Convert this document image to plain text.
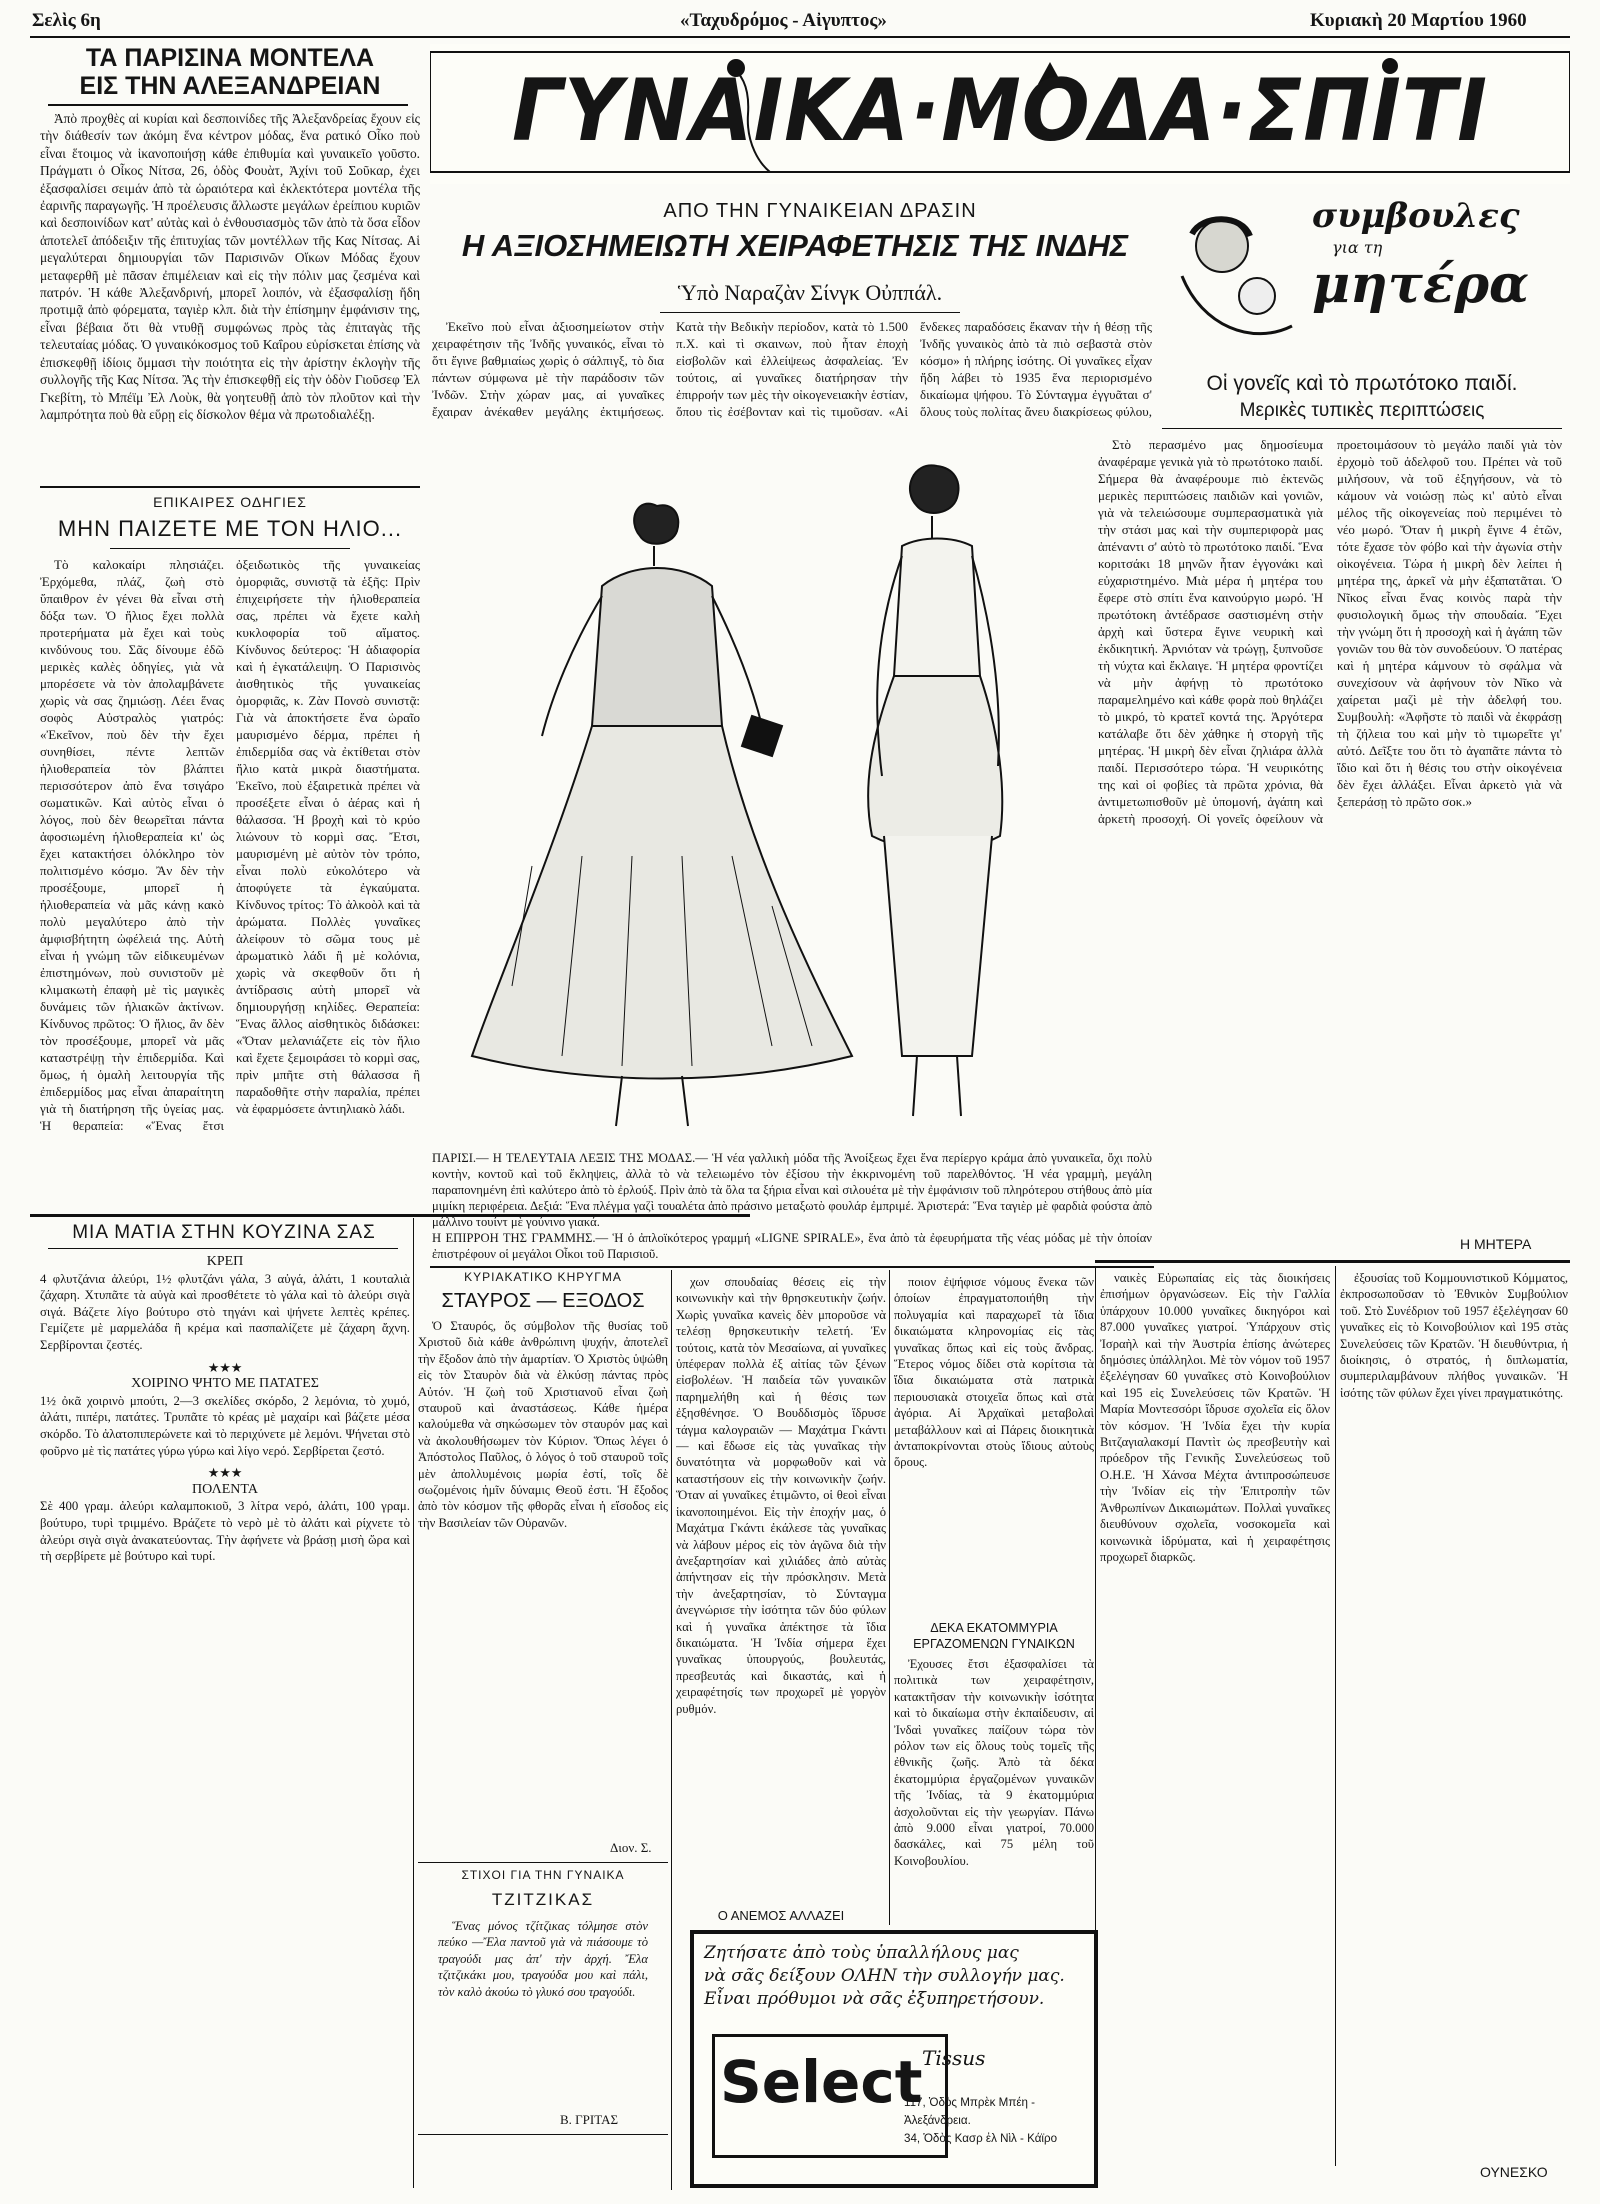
Σελὶς 6η	«Ταχυδρόμος - Αἰγυπτος»	Κυριακὴ 20 Μαρτίου 1960
ΤΑ ΠΑΡΙΣΙΝΑ ΜΟΝΤΕΛΑ
ΕΙΣ ΤΗΝ ΑΛΕΞΑΝΔΡΕΙΑΝ

Ἀπὸ προχθὲς αἱ κυρίαι καὶ δεσποινίδες τῆς Ἀλεξανδρείας ἔχουν εἰς τὴν διάθεσίν των ἀκόμη ἕνα κέντρον μόδας, ἕνα ρατικό Οἶκο ποὺ εἶναι ἕτοιμος νὰ ἱκανοποιήσῃ κάθε ἐπιθυμία καὶ γυναικεῖο γοῦστο. Πράγματι ὁ Οἶκος Νίτσα, 26, ὁδὸς Φουὰτ, Ἀχίνι τοῦ Σοῦκαρ, ἐχει ἐξασφαλίσει σειμάν ἀπὸ τὰ ὡραιότερα καὶ ἐκλεκτότερα μοντέλα τῆς ἐαρινῆς παραγωγῆς. Ἡ προέλευσις ἄλλωστε μεγάλων ἐρείπιου κυριῶν καὶ δεσποινίδων κατ' αὐτὰς καὶ ὁ ἐνθουσιασμὸς τῶν ἀπὸ τὰ ὅσα εἶδον ἀποτελεῖ ἀπόδειξιν τῆς ἐπιτυχίας τῶν μοντέλλων τῆς Κας Νίτσας. Αἱ μεγαλύτεραι δημιουργίαι τῶν Παρισινῶν Οἴκων Μόδας ἔχουν μεταφερθῆ μὲ πᾶσαν ἐπιμέλειαν καὶ εἰς τὴν πόλιν μας ζεσμένα καὶ πατρόν. Ἡ κάθε Ἀλεξανδρινή, μπορεῖ λοιπόν, νὰ ἐξασφαλίσῃ ἤδη προτιμᾷ ἀπὸ φόρεματα, ταγιὲρ κλπ. διὰ τὴν ἐπίσημην ἐμφάνισιν της, εἶναι βέβαια ὅτι θὰ ντυθῇ συμφώνως πρὸς τὰς ἐπιταγὰς τῆς τελευταίας μόδας. Ὁ γυναικόκοσμος τοῦ Καΐρου εὑρίσκεται ἐπίσης νὰ ἐπισκεφθῇ ἰδίοις ὄμμασι τὴν ποιότητα εἰς τὴν ἀρίστην ἐκλογὴν τῆς συλλογῆς τῆς Κας Νίτσα. Ἂς τὴν ἐπισκεφθῇ εἰς τὴν ὁδὸν Γιοῦσεφ Ἐλ Γκεβίτη, τὸ Μπέϊμ Ἐλ Λοὺκ, θὰ γοητευθῇ ἀπὸ τὸν πλοῦτον καὶ τὴν λαμπρότητα ποὺ θὰ εὕρῃ εἰς δίσκολον θέμα νὰ πρωτοδιαλέξῃ.

ΕΠΙΚΑΙΡΕΣ ΟΔΗΓΙΕΣ
ΜΗΝ ΠΑΙΖΕΤΕ ΜΕ ΤΟΝ ΗΛΙΟ...

Τὸ καλοκαίρι πλησιάζει. Ἐρχόμεθα, πλάζ, ζωὴ στὸ ὕπαιθρον ἐν γένει θὰ εἶναι στὴ δόξα των. Ὁ ἥλιος ἔχει πολλὰ προτερήματα μὰ ἔχει καὶ τοὺς κινδύνους του. Σᾶς δίνουμε ἐδῶ μερικὲς καλὲς ὁδηγίες, γιὰ νὰ μπορέσετε νὰ τὸν ἀπολαμβάνετε χωρὶς νὰ σας ζημιώσῃ. Λέει ἕνας σοφὸς Αὐστραλὸς γιατρός: «Ἐκεῖνον, ποὺ δὲν τὴν ἔχει συνηθίσει, πέντε λεπτῶν ἡλιοθεραπεία τὸν βλάπτει περισσότερον ἀπὸ ἕνα τσιγάρο σωματικῶν. Καὶ αὐτὸς εἶναι ὁ λόγος, ποὺ δὲν θεωρεῖται πάντα ἀφοσιωμένη ἡλιοθεραπεία κι' ὡς ἔχει κατακτήσει ὁλόκληρο τὸν πολιτισμένο κόσμο. Ἂν δὲν τὴν προσέξουμε, μπορεῖ ἡ ἡλιοθεραπεία νὰ μᾶς κάνῃ κακὸ πολὺ μεγαλύτερο ἀπὸ τὴν ἀμφισβήτητη ὠφέλειά της. Αὐτὴ εἶναι ἡ γνώμη τῶν εἰδικευμένων ἐπιστημόνων, ποὺ συνιστοῦν μὲ κλιμακωτὴ ἐπαφὴ μὲ τὶς μαγικὲς δυνάμεις τῶν ἡλιακῶν ἀκτίνων. Κίνδυνος πρῶτος: Ὁ ἥλιος, ἂν δὲν τὸν προσέξουμε, μπορεῖ νὰ μᾶς καταστρέψῃ τὴν ἐπιδερμίδα. Καὶ ὅμως, ἡ ὁμαλὴ λειτουργία τῆς ἐπιδερμίδος μας εἶναι ἀπαραίτητη γιὰ τὴ διατήρηση τῆς ὑγείας μας. Ἡ θεραπεία: «Ἕνας ἔτσι ὀξειδωτικὸς τῆς γυναικείας ὀμορφιᾶς, συνιστᾷ τὰ ἑξῆς: Πρὶν ἐπιχειρήσετε τὴν ἡλιοθεραπεία σας, πρέπει νὰ ἔχετε καλὴ κυκλοφορία τοῦ αἵματος. Κίνδυνος δεύτερος: Ἡ ἀδιαφορία καὶ ἡ ἐγκατάλειψη. Ὁ Παρισινὸς ἀισθητικὸς τῆς γυναικείας ὀμορφιᾶς, κ. Ζὰν Πονσὸ συνιστᾷ: Γιὰ νὰ ἀποκτήσετε ἕνα ὡραῖο μαυρισμένο δέρμα, πρέπει ἡ ἐπιδερμίδα σας νὰ ἐκτίθεται στὸν ἥλιο κατὰ μικρὰ διαστήματα. Ἐκεῖνο, ποὺ ἐξαιρετικὰ πρέπει νὰ προσέξετε εἶναι ὁ ἀέρας καὶ ἡ θάλασσα. Ἡ βροχὴ καὶ τὸ κρύο λιώνουν τὸ κορμὶ σας. Ἔτσι, μαυρισμένη μὲ αὐτὸν τὸν τρόπο, εἶναι πολὺ εὐκολότερο νὰ ἀποφύγετε τὰ ἐγκαύματα. Κίνδυνος τρίτος: Τὸ ἀλκοὸλ καὶ τὰ ἀρώματα. Πολλὲς γυναῖκες ἀλείφουν τὸ σῶμα τους μὲ ἀρωματικὸ λάδι ἢ μὲ κολόνια, χωρὶς νὰ σκεφθοῦν ὅτι ἡ ἀντίδρασις αὐτὴ μπορεῖ νὰ δημιουργήσῃ κηλίδες. Θεραπεία: Ἕνας ἄλλος αἰσθητικὸς διδάσκει: «Ὅταν μελανιάζετε εἰς τὸν ἥλιο καὶ ἔχετε ξεμοιράσει τὸ κορμὶ σας, πρὶν μπῆτε στὴ θάλασσα ἢ παραδοθῆτε στὴν παραλία, πρέπει νὰ ἐφαρμόσετε ἀντιηλιακὸ λάδι.

ΓΥΝΑΙΚΑ·ΜΟΔΑ·ΣΠΙΤΙ
ΑΠΟ ΤΗΝ ΓΥΝΑΙΚΕΙΑΝ ΔΡΑΣΙΝ
Η ΑΞΙΟΣΗΜΕΙΩΤΗ ΧΕΙΡΑΦΕΤΗΣΙΣ ΤΗΣ ΙΝΔΗΣ
Ὑπὸ Ναραζὰν Σίνγκ Οὐππάλ.

Ἐκεῖνο ποὺ εἶναι ἀξιοσημείωτον στὴν χειραφέτησιν τῆς Ἰνδῆς γυναικός, εἶναι τὸ ὅτι ἔγινε βαθμιαίως χωρὶς ὁ σάλπιγξ, τὸ δια πάντων σύμφωνα μὲ τὴν παράδοσιν τῶν Ἰνδῶν. Στὴν χώραν μας, αἱ γυναῖκες ἔχαιραν ἀνέκαθεν μεγάλης ἐκτιμήσεως. Κατὰ τὴν Βεδικὴν περίοδον, κατὰ τὸ 1.500 π.Χ. καὶ τὶ σκαινων, ποὺ ἦταν ἐποχὴ εἰσβολῶν καὶ ἐλλείψεως ἀσφαλείας. Ἐν τούτοις, αἱ γυναῖκες διατήρησαν τὴν ἐπιρροήν των μὲς τὴν οἰκογενειακὴν ἑστίαν, ὅπου τὶς ἐσέβονταν καὶ τὶς τιμοῦσαν. «Αἱ ἕνδεκες παραδόσεις ἔκαναν τὴν ἡ θέσῃ τῆς Ἰνδῆς γυναικὸς ἀπὸ τὰ πιὸ σεβαστὰ στὸν κόσμο» ἡ πλήρης ἰσότης. Οἱ γυναῖκες εἶχαν ἤδη λάβει τὸ 1935 ἕνα περιορισμένο δικαίωμα ψήφου. Τὸ Σύνταγμα ἐγγυᾶται σ' ὅλους τοὺς πολίτας ἄνευ διακρίσεως φύλου,

ΠΑΡΙΣΙ.— Η ΤΕΛΕΥΤΑΙΑ ΛΕΞΙΣ ΤΗΣ ΜΟΔΑΣ.— Ἡ νέα γαλλικὴ μόδα τῆς Ἀνοίξεως ἔχει ἕνα περίεργο κράμα ἀπὸ γυναικεῖα, ὄχι πολὺ κοντὴν, κοντοῦ καὶ τοῦ ἔκληψεις, ἀλλὰ τὸ νὰ τελειωμένο τὸν ἐξίσου τὴν ἐκκρινομένη τοῦ παρελθόντος. Ἡ νέα γραμμὴ, μεγάλη παραπονημένη ἐπὶ καλύτερο ἀπὸ τὸ ἐρλούξ. Πρὶν ἀπὸ τὰ ὄλα τα ξήρια εἶναι καὶ σιλουέτα μὲ τὴν ἐμφάνισιν τοῦ πληρότερου στήθους ἀπὸ μία μιμίκη περιφέρεια. Δεξιά: Ἕνα πλέγμα γαζὶ τουαλέτα ἀπὸ πράσινο μεταξωτὸ φουλάρ ἐμπριμέ. Ἀριστερά: Ἕνα ταγιὲρ μὲ φαρδιὰ φούστα ἀπὸ μάλλινο τουίντ μὲ γούνινο γιακά.
Η ΕΠΙΡΡΟΗ ΤΗΣ ΓΡΑΜΜΗΣ.— Ἡ ὁ ἀπλοϊκότερος γραμμή «LIGNE SPIRALE», ἕνα ἀπὸ τὰ ἐφευρήματα τῆς νέας μόδας μὲ τὴν ὁποίαν ἐπιστρέφουν οἱ μεγάλοι Οἶκοι τοῦ Παρισιοῦ.
συμβουλες
για τη
μητέρα
Οἱ γονεῖς καὶ τὸ πρωτότοκο παιδί.
Μερικὲς τυπικὲς περιπτώσεις

Στὸ περασμένο μας δημοσίευμα ἀναφέραμε γενικὰ γιὰ τὸ πρωτότοκο παιδί. Σήμερα θὰ ἀναφέρουμε πιὸ ἐκτενῶς μερικὲς περιπτώσεις παιδιῶν καὶ γονιῶν, γιὰ νὰ τελειώσουμε συμπερασματικὰ γιὰ τὴν στάσι μας καὶ τὴν συμπεριφορὰ μας ἀπέναντι σ' αὐτὸ τὸ πρωτότοκο παιδί. Ἕνα κοριτσάκι 18 μηνῶν ἦταν ἐγγονάκι καὶ εὐχαριστημένο. Μιὰ μέρα ἡ μητέρα του ἔφερε στὸ σπίτι ἕνα καινούργιο μωρό. Ἡ πρωτότοκη ἀντέδρασε σαστισμένη στὴν ἀρχὴ καὶ ὕστερα ἔγινε νευρικὴ καὶ ἐκδικητική. Ἀρνιόταν νὰ τρώγῃ, ξυπνοῦσε τὴ νύχτα καὶ ἔκλαιγε. Ἡ μητέρα φροντίζει νὰ μὴν ἀφήνῃ τὸ πρωτότοκο παραμελημένο καὶ κάθε φορὰ ποὺ θηλάζει τὸ μικρό, τὸ κρατεῖ κοντά της. Ἀργότερα κατάλαβε ὅτι δὲν χάθηκε ἡ στοργὴ τῆς μητέρας. Ἡ μικρὴ δὲν εἶναι ζηλιάρα ἀλλὰ παιδί. Περισσότερο τώρα. Ἡ νευρικότης της καὶ οἱ φοβίες τὰ πρῶτα χρόνια, θὰ ἀντιμετωπισθοῦν μὲ ὑπομονή, ἀγάπη καὶ ἀρκετὴ προσοχή. Οἱ γονεῖς ὀφείλουν νὰ προετοιμάσουν τὸ μεγάλο παιδί γιὰ τὸν ἐρχομὸ τοῦ ἀδελφοῦ του. Πρέπει νὰ τοῦ μιλήσουν, νὰ τοῦ ἐξηγήσουν, νὰ τὸ κάμουν νὰ νοιώσῃ πὼς κι' αὐτὸ εἶναι μέλος τῆς οἰκογενείας ποὺ περιμένει τὸ νέο μωρό. Ὅταν ἡ μικρὴ ἔγινε 4 ἐτῶν, τότε ἔχασε τὸν φόβο καὶ τὴν ἀγωνία στὴν οἰκογένεια. Τώρα ἡ μικρὴ δὲν λείπει ἡ μητέρα της, ἀρκεῖ νὰ μὴν ἐξαπατᾶται. Ὁ Νῖκος εἶναι ἕνας κοινὸς παρὰ τὴν φυσιολογικὴ ὅμως τὴν σπουδαία. Ἔχει τὴν γνώμη ὅτι ἡ προσοχὴ καὶ ἡ ἀγάπη τῶν γονιῶν του θὰ τὸν συνοδεύουν. Ὁ πατέρας καὶ ἡ μητέρα κάμνουν τὸ σφάλμα νὰ συνεχίσουν νὰ ἀφήνουν τὸν Νῖκο νὰ χαίρεται μαζὶ μὲ τὴν ἀδελφή του. Συμβουλὴ: «Ἀφῆστε τὸ παιδὶ νὰ ἐκφράσῃ τὴ ζήλεια του καὶ μὴν τὸ τιμωρεῖτε γι' αὐτό. Δεῖξτε του ὅτι τὸ ἀγαπᾶτε πάντα τὸ ἴδιο καὶ ὅτι ἡ θέσις του στὴν οἰκογένεια δὲν ἔχει ἀλλάξει. Εἶναι ἀρκετὸ γιὰ νὰ ξεπεράσῃ τὸ πρῶτο σοκ.»

Η ΜΗΤΕΡΑ
ΜΙΑ ΜΑΤΙΑ ΣΤΗΝ ΚΟΥΖΙΝΑ ΣΑΣ
ΚΡΕΠ

4 φλυτζάνια ἀλεύρι, 1½ φλυτζάνι γάλα, 3 αὐγά, ἀλάτι, 1 κουταλιὰ ζάχαρη. Χτυπᾶτε τὰ αὐγὰ καὶ προσθέτετε τὸ γάλα καὶ τὸ ἀλεύρι σιγὰ σιγά. Βάζετε λίγο βούτυρο στὸ τηγάνι καὶ ψήνετε λεπτὲς κρέπες. Γεμίζετε μὲ μαρμελάδα ἢ κρέμα καὶ πασπαλίζετε μὲ ζάχαρη ἄχνη. Σερβίρονται ζεστές.

★★★
ΧΟΙΡΙΝΟ ΨΗΤΟ ΜΕ ΠΑΤΑΤΕΣ

1½ ὀκᾶ χοιρινὸ μπούτι, 2—3 σκελίδες σκόρδο, 2 λεμόνια, τὸ χυμό, ἀλάτι, πιπέρι, πατάτες. Τρυπᾶτε τὸ κρέας μὲ μαχαίρι καὶ βάζετε μέσα σκόρδο. Τὸ ἀλατοπιπερώνετε καὶ τὸ περιχύνετε μὲ λεμόνι. Ψήνεται στὸ φοῦρνο μὲ τὶς πατάτες γύρω γύρω καὶ λίγο νερό. Σερβίρεται ζεστό.

★★★
ΠΟΛΕΝΤΑ

Σὲ 400 γραμ. ἀλεύρι καλαμποκιοῦ, 3 λίτρα νερό, ἀλάτι, 100 γραμ. βούτυρο, τυρὶ τριμμένο. Βράζετε τὸ νερὸ μὲ τὸ ἀλάτι καὶ ρίχνετε τὸ ἀλεύρι σιγὰ σιγὰ ἀνακατεύοντας. Τὴν ἀφήνετε νὰ βράσῃ μισὴ ὥρα καὶ τὴ σερβίρετε μὲ βούτυρο καὶ τυρί.

ΚΥΡΙΑΚΑΤΙΚΟ ΚΗΡΥΓΜΑ
ΣΤΑΥΡΟΣ — ΕΞΟΔΟΣ

Ὁ Σταυρός, ὅς σύμβολον τῆς θυσίας τοῦ Χριστοῦ διὰ κάθε ἀνθρώπινη ψυχήν, ἀποτελεῖ τὴν ἔξοδον ἀπὸ τὴν ἁμαρτίαν. Ὁ Χριστὸς ὑψώθη εἰς τὸν Σταυρὸν διὰ νὰ ἑλκύσῃ πάντας πρὸς Αὐτόν. Ἡ ζωὴ τοῦ Χριστιανοῦ εἶναι ζωὴ σταυροῦ καὶ ἀναστάσεως. Κάθε ἡμέρα καλούμεθα νὰ σηκώσωμεν τὸν σταυρόν μας καὶ νὰ ἀκολουθήσωμεν τὸν Κύριον. Ὅπως λέγει ὁ Ἀπόστολος Παῦλος, ὁ λόγος ὁ τοῦ σταυροῦ τοῖς μὲν ἀπολλυμένοις μωρία ἐστί, τοῖς δὲ σωζομένοις ἡμῖν δύναμις Θεοῦ ἐστι. Ἡ ἔξοδος ἀπὸ τὸν κόσμον τῆς φθορᾶς εἶναι ἡ εἴσοδος εἰς τὴν Βασιλείαν τῶν Οὐρανῶν.

Διον. Σ.
ΣΤΙΧΟΙ ΓΙΑ ΤΗΝ ΓΥΝΑΙΚΑ
ΤΖΙΤΖΙΚΑΣ

Ἕνας μόνος τζίτζικας τόλμησε στὸν πεύκο —Ἔλα παντοῦ γιὰ νὰ πιάσουμε τὸ τραγούδι μας ἀπ' τὴν ἀρχή. Ἔλα τζιτζικάκι μου, τραγούδα μου καὶ πάλι, τὸν καλὸ ἀκούω τὸ γλυκό σου τραγούδι.

Β. ΓΡΙΤΑΣ

χων σπουδαίας θέσεις εἰς τὴν κοινωνικὴν καὶ τὴν θρησκευτικὴν ζωήν. Χωρὶς γυναῖκα κανεὶς δὲν μποροῦσε νὰ τελέσῃ θρησκευτικὴν τελετή. Ἐν τούτοις, κατὰ τὸν Μεσαίωνα, αἱ γυναῖκες ὑπέφεραν πολλὰ ἐξ αἰτίας τῶν ξένων εἰσβολέων. Ἡ παιδεία τῶν γυναικῶν παρημελήθη καὶ ἡ θέσις των ἐξησθένησε. Ὁ Βουδδισμὸς ἵδρυσε τάγμα καλογραιῶν — Μαχάτμα Γκάντι — καὶ ἔδωσε εἰς τὰς γυναῖκας τὴν δυνατότητα νὰ μορφωθοῦν καὶ νὰ καταστήσουν εἰς τὴν κοινωνικὴν ζωήν. Ὅταν αἱ γυναῖκες ἐτιμῶντο, οἱ θεοὶ εἶναι ἱκανοποιημένοι. Εἰς τὴν ἐποχήν μας, ὁ Μαχάτμα Γκάντι ἐκάλεσε τὰς γυναῖκας νὰ λάβουν μέρος εἰς τὸν ἀγῶνα διὰ τὴν ἀνεξαρτησίαν καὶ χιλιάδες ἀπὸ αὐτὰς ἀπήντησαν εἰς τὴν πρόσκλησιν. Μετὰ τὴν ἀνεξαρτησίαν, τὸ Σύνταγμα ἀνεγνώρισε τὴν ἰσότητα τῶν δύο φύλων καὶ ἡ γυναῖκα ἀπέκτησε τὰ ἴδια δικαιώματα. Ἡ Ἰνδία σήμερα ἔχει γυναῖκας ὑπουργούς, βουλευτάς, πρεσβευτάς καὶ δικαστάς, καὶ ἡ χειραφέτησίς των προχωρεῖ μὲ γοργὸν ρυθμόν.

ποιον ἐψήφισε νόμους ἕνεκα τῶν ὁποίων ἐπραγματοποιήθη τὴν πολυγαμία καὶ παραχωρεῖ τὰ ἴδια δικαιώματα κληρονομίας εἰς τὰς γυναῖκας ὅπως καὶ εἰς τοὺς ἄνδρας. Ἕτερος νόμος δίδει στὰ κορίτσια τὰ ἴδια δικαιώματα στὰ πατρικὰ περιουσιακὰ στοιχεῖα ὅπως καὶ στὰ ἀγόρια. Αἱ Ἀρχαϊκαὶ μεταβολαὶ μεταβάλλουν καὶ αἱ Πάρεις διοικητικὰ ἀνταποκρίνονται στοὺς ἴδιους αὐτοὺς ὅρους.

ΔΕΚΑ ΕΚΑΤΟΜΜΥΡΙΑ ΕΡΓΑΖΟΜΕΝΩΝ ΓΥΝΑΙΚΩΝ

Ἐχουσες ἔτσι ἐξασφαλίσει τὰ πολιτικὰ των χειραφέτησιν, κατακτῆσαν τὴν κοινωνικὴν ἰσότητα καὶ τὸ δικαίωμα στὴν ἐκπαίδευσιν, αἱ Ἰνδαὶ γυναῖκες παίζουν τώρα τὸν ρόλον των εἰς ὅλους τοὺς τομεῖς τῆς ἐθνικῆς ζωῆς. Ἀπὸ τὰ δέκα ἑκατομμύρια ἐργαζομένων γυναικῶν τῆς Ἰνδίας, τὰ 9 ἑκατομμύρια ἀσχολοῦνται εἰς τὴν γεωργίαν. Πάνω ἀπὸ 9.000 εἶναι γιατροί, 70.000 δασκάλες, καὶ 75 μέλη τοῦ Κοινοβουλίου.

Ο ΑΝΕΜΟΣ ΑΛΛΑΖΕΙ
Ζητήσατε ἀπὸ τοὺς ὑπαλλήλους μας
νὰ σᾶς δείξουν ΟΛΗΝ τὴν συλλογήν μας.
Εἶναι πρόθυμοι νὰ σᾶς ἐξυπηρετήσουν.
Select Tissus
117, Ὁδὸς Μπρὲκ Μπέη - Ἀλεξάνδρεια.
34, Ὁδὸς Κασρ ἐλ Νὶλ - Κάϊρο

ναικὲς Εὐρωπαίας εἰς τὰς διοικήσεις ἐπισήμων ὀργανώσεων. Εἰς τὴν Γαλλία ὑπάρχουν 10.000 γυναῖκες δικηγόροι καὶ 87.000 γυναῖκες γιατροί. Ὑπάρχουν στὶς Ἰσραὴλ καὶ τὴν Ἀυστρία ἐπίσης ἀνώτερες δημόσιες ὑπάλληλοι. Μὲ τὸν νόμον τοῦ 1957 ἐξελέγησαν 60 γυναῖκες στὸ Κοινοβούλιον καὶ 195 εἰς Συνελεύσεις τῶν Κρατῶν. Ἡ Μαρία Μοντεσσόρι ἵδρυσε σχολεῖα εἰς ὅλον τὸν κόσμον. Ἡ Ἰνδία ἔχει τὴν κυρία Βιτζαγιαλακσμί Παντὶτ ὡς πρεσβευτὴν καὶ πρόεδρον τῆς Γενικῆς Συνελεύσεως τοῦ Ο.Η.Ε. Ἡ Χάνσα Μέχτα ἀντιπροσώπευσε τὴν Ἰνδίαν εἰς τὴν Ἐπιτροπὴν τῶν Ἀνθρωπίνων Δικαιωμάτων. Πολλαὶ γυναῖκες διευθύνουν σχολεῖα, νοσοκομεῖα καὶ κοινωνικὰ ἱδρύματα, καὶ ἡ χειραφέτησις προχωρεῖ διαρκῶς.

ἐξουσίας τοῦ Κομμουνιστικοῦ Κόμματος, ἐκπροσωποῦσαν τὸ Ἐθνικὸν Συμβούλιον τοῦ. Στὸ Συνέδριον τοῦ 1957 ἐξελέγησαν 60 γυναῖκες εἰς τὸ Κοινοβούλιον καὶ 195 στὰς Συνελεύσεις τῶν Κρατῶν. Ἡ διευθύντρια, ἡ διοίκησις, ὁ στρατός, ἡ διπλωματία, συμπεριλαμβάνουν πλήθος γυναικῶν. Ἡ ἰσότης τῶν φύλων ἔχει γίνει πραγματικότης.

ΟΥΝΕΣΚΟ
